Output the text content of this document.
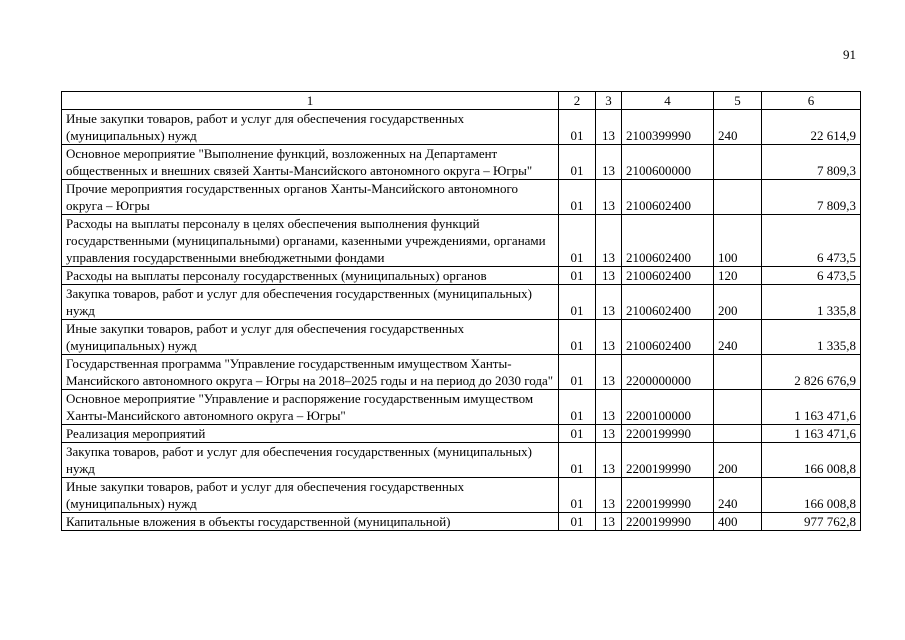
91
1	2	3	4	5	6
Иные закупки товаров, работ и услуг для обеспечения государственных (муниципальных) нужд	01	13	2100399990	240	22 614,9
Основное мероприятие "Выполнение функций, возложенных на Департамент общественных и внешних связей Ханты-Мансийского автономного округа – Югры"	01	13	2100600000		7 809,3
Прочие мероприятия государственных органов Ханты-Мансийского автономного округа – Югры	01	13	2100602400		7 809,3
Расходы на выплаты персоналу в целях обеспечения выполнения функций государственными (муниципальными) органами, казенными учреждениями, органами управления государственными внебюджетными фондами	01	13	2100602400	100	6 473,5
Расходы на выплаты персоналу государственных (муниципальных) органов	01	13	2100602400	120	6 473,5
Закупка товаров, работ и услуг для обеспечения государственных (муниципальных) нужд	01	13	2100602400	200	1 335,8
Иные закупки товаров, работ и услуг для обеспечения государственных (муниципальных) нужд	01	13	2100602400	240	1 335,8
Государственная программа "Управление государственным имуществом Ханты-Мансийского автономного округа – Югры на 2018–2025 годы и на период до 2030 года"	01	13	2200000000		2 826 676,9
Основное мероприятие "Управление и распоряжение государственным имуществом Ханты-Мансийского автономного округа – Югры"	01	13	2200100000		1 163 471,6
Реализация мероприятий	01	13	2200199990		1 163 471,6
Закупка товаров, работ и услуг для обеспечения государственных (муниципальных) нужд	01	13	2200199990	200	166 008,8
Иные закупки товаров, работ и услуг для обеспечения государственных (муниципальных) нужд	01	13	2200199990	240	166 008,8
Капитальные вложения в объекты государственной (муниципальной)	01	13	2200199990	400	977 762,8
